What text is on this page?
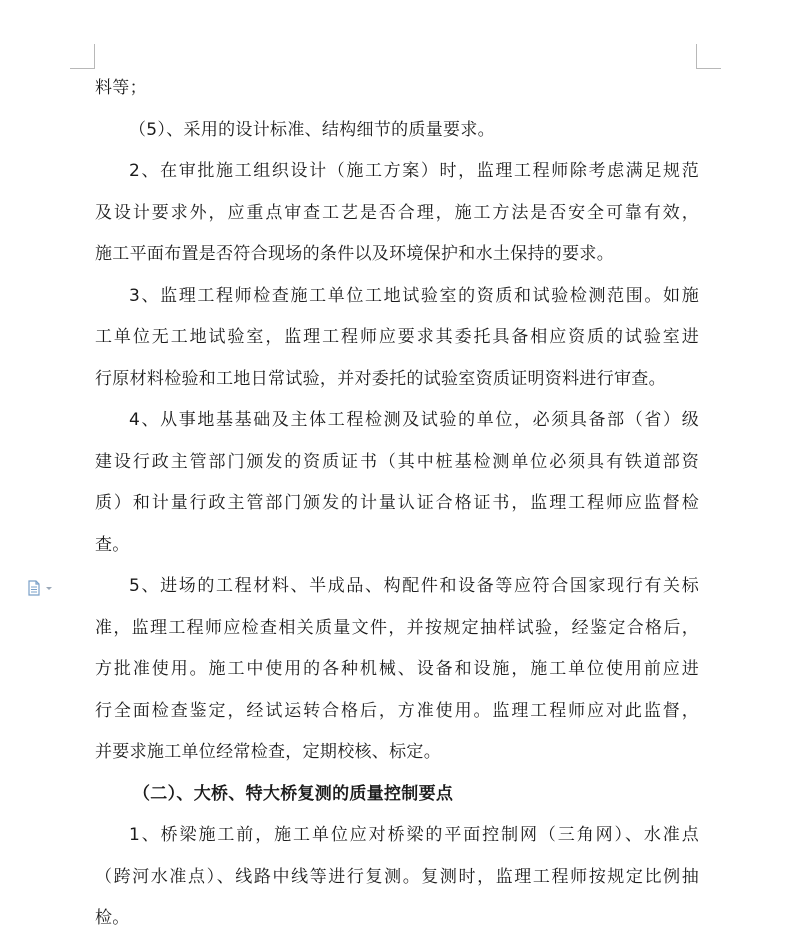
料等；
（5）、采用的设计标准、结构细节的质量要求。
2、在审批施工组织设计（施工方案）时，监理工程师除考虑满足规范
及设计要求外，应重点审查工艺是否合理，施工方法是否安全可靠有效，
施工平面布置是否符合现场的条件以及环境保护和水土保持的要求。
3、监理工程师检查施工单位工地试验室的资质和试验检测范围。如施
工单位无工地试验室，监理工程师应要求其委托具备相应资质的试验室进
行原材料检验和工地日常试验，并对委托的试验室资质证明资料进行审查。
4、从事地基基础及主体工程检测及试验的单位，必须具备部（省）级
建设行政主管部门颁发的资质证书（其中桩基检测单位必须具有铁道部资
质）和计量行政主管部门颁发的计量认证合格证书，监理工程师应监督检
查。
5、进场的工程材料、半成品、构配件和设备等应符合国家现行有关标
准，监理工程师应检查相关质量文件，并按规定抽样试验，经鉴定合格后，
方批准使用。施工中使用的各种机械、设备和设施，施工单位使用前应进
行全面检查鉴定，经试运转合格后，方准使用。监理工程师应对此监督，
并要求施工单位经常检查，定期校核、标定。
（二）、大桥、特大桥复测的质量控制要点
1、桥梁施工前，施工单位应对桥梁的平面控制网（三角网）、水准点
（跨河水准点）、线路中线等进行复测。复测时，监理工程师按规定比例抽
检。
